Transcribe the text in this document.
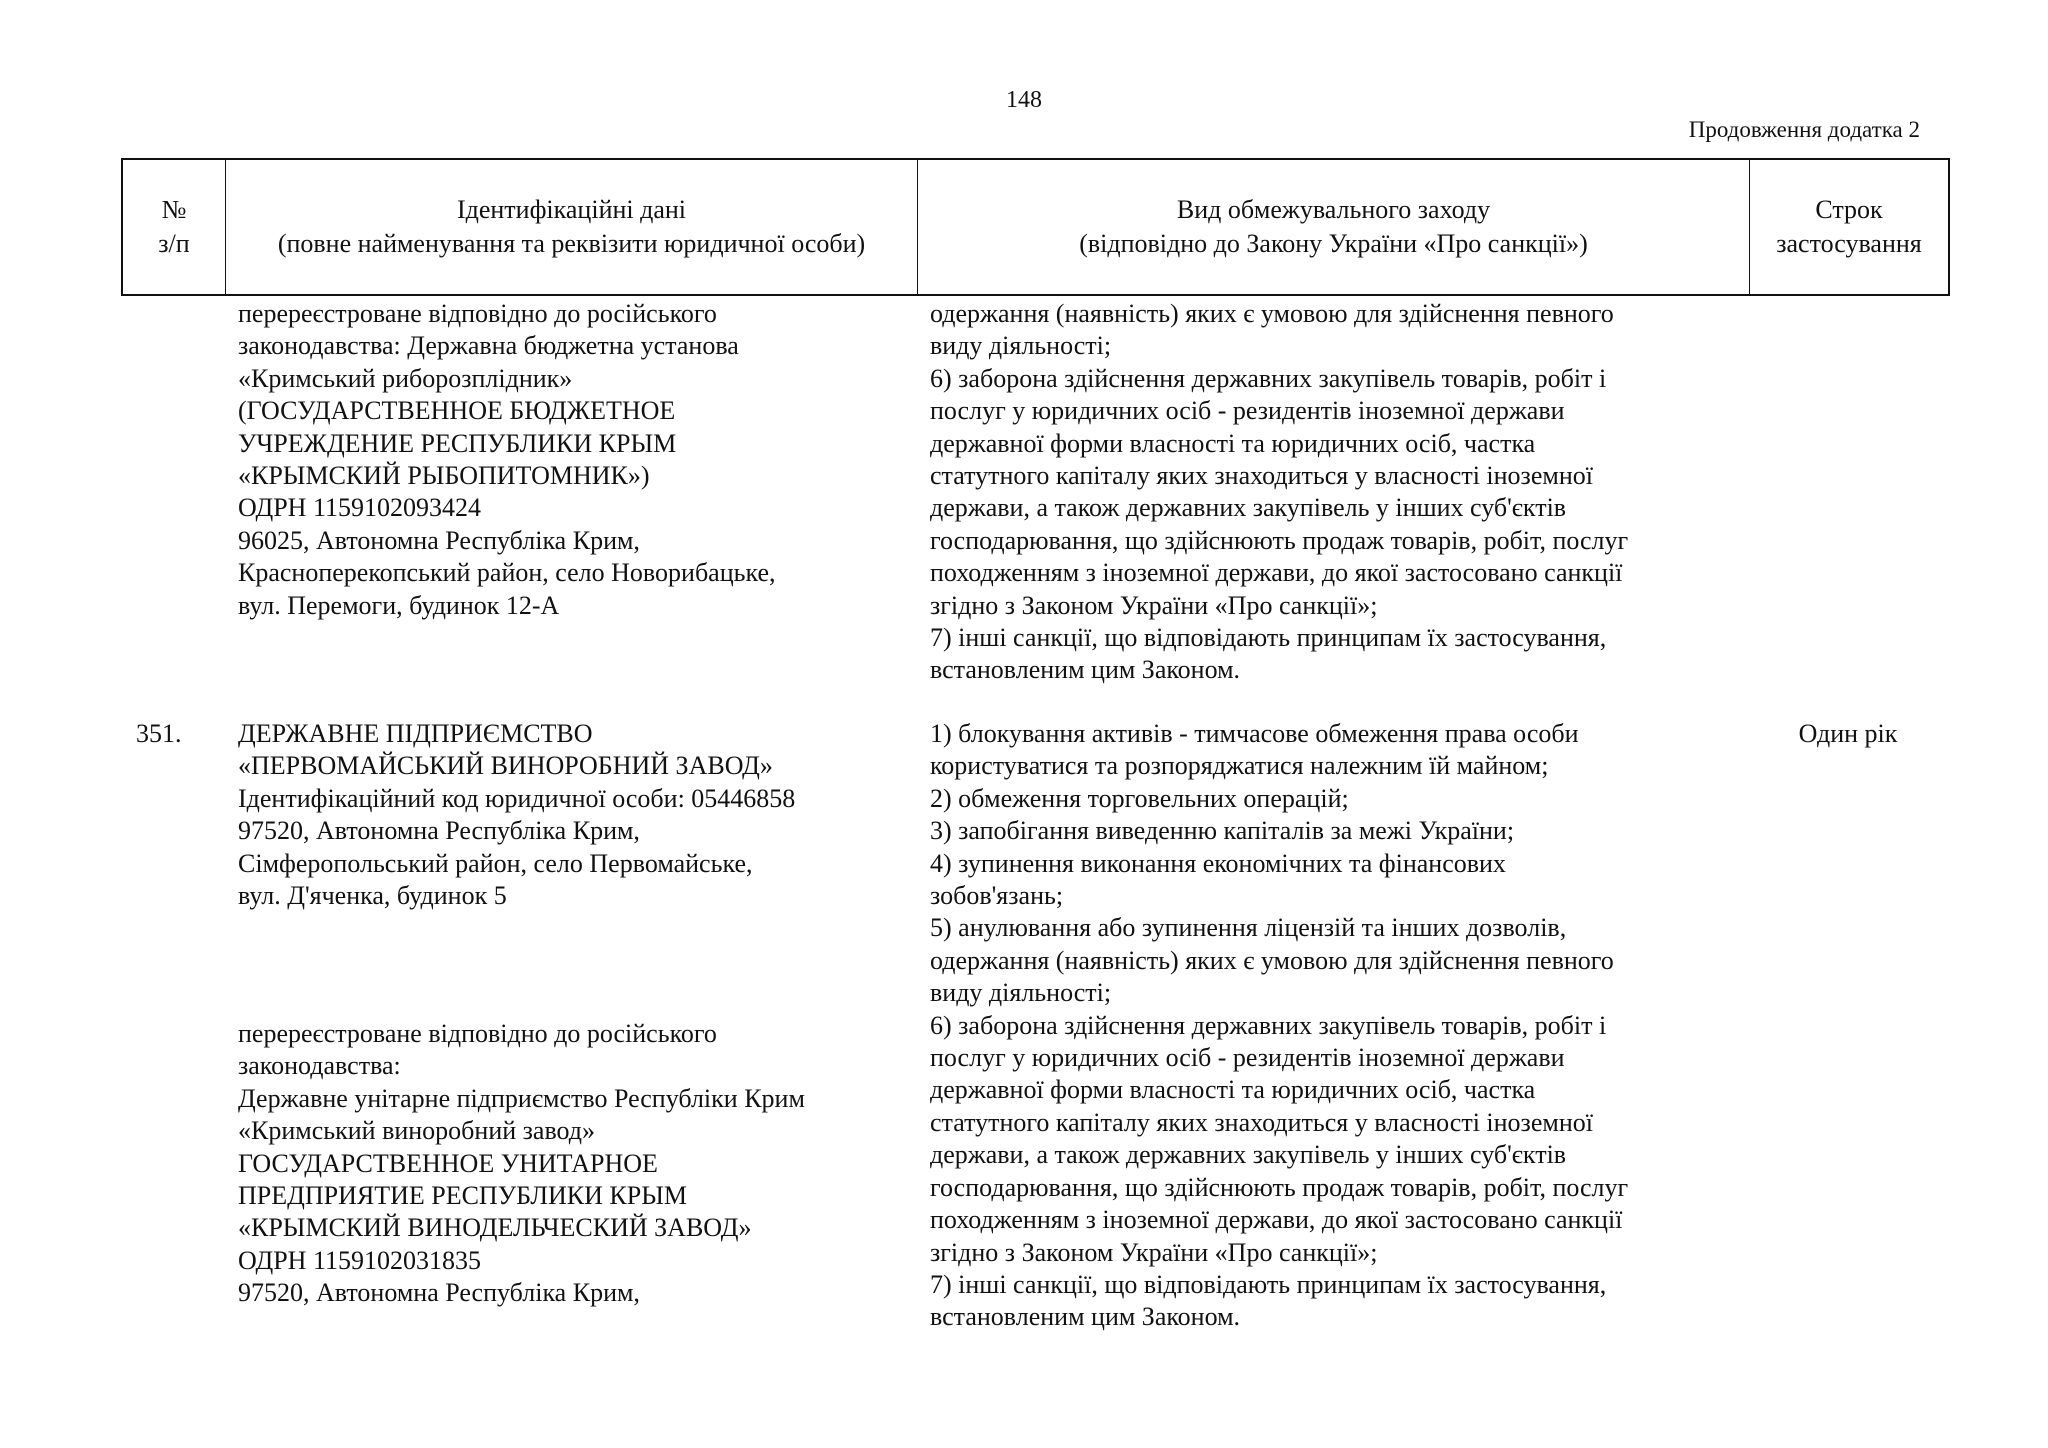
148
Продовження додатка 2
№
з/п
Ідентифікаційні дані
(повне найменування та реквізити юридичної особи)
Вид обмежувального заходу
(відповідно до Закону України «Про санкції»)
Строк
застосування
перереєстроване відповідно до російського
законодавства: Державна бюджетна установа
«Кримський риборозплідник»
(ГОСУДАРСТВЕННОЕ БЮДЖЕТНОЕ
УЧРЕЖДЕНИЕ РЕСПУБЛИКИ КРЫМ
«КРЫМСКИЙ РЫБОПИТОМНИК»)
ОДРН 1159102093424
96025, Автономна Республіка Крим,
Красноперекопський район, село Новорибацьке,
вул. Перемоги, будинок 12-А
одержання (наявність) яких є умовою для здійснення певного
виду діяльності;
6) заборона здійснення державних закупівель товарів, робіт і
послуг у юридичних осіб - резидентів іноземної держави
державної форми власності та юридичних осіб, частка
статутного капіталу яких знаходиться у власності іноземної
держави, а також державних закупівель у інших суб'єктів
господарювання, що здійснюють продаж товарів, робіт, послуг
походженням з іноземної держави, до якої застосовано санкції
згідно з Законом України «Про санкції»;
7) інші санкції, що відповідають принципам їх застосування,
встановленим цим Законом.
351. ДЕРЖАВНЕ ПІДПРИЄМСТВО
«ПЕРВОМАЙСЬКИЙ ВИНОРОБНИЙ ЗАВОД»
Ідентифікаційний код юридичної особи: 05446858
97520, Автономна Республіка Крим,
Сімферопольський район, село Первомайське,
вул. Д'яченка, будинок 5
перереєстроване відповідно до російського
законодавства:
Державне унітарне підприємство Республіки Крим
«Кримський виноробний завод»
ГОСУДАРСТВЕННОЕ УНИТАРНОЕ
ПРЕДПРИЯТИЕ РЕСПУБЛИКИ КРЫМ
«КРЫМСКИЙ ВИНОДЕЛЬЧЕСКИЙ ЗАВОД»
ОДРН 1159102031835
97520, Автономна Республіка Крим,
1) блокування активів - тимчасове обмеження права особи
користуватися та розпоряджатися належним їй майном;
2) обмеження торговельних операцій;
3) запобігання виведенню капіталів за межі України;
4) зупинення виконання економічних та фінансових
зобов'язань;
5) анулювання або зупинення ліцензій та інших дозволів,
одержання (наявність) яких є умовою для здійснення певного
виду діяльності;
6) заборона здійснення державних закупівель товарів, робіт і
послуг у юридичних осіб - резидентів іноземної держави
державної форми власності та юридичних осіб, частка
статутного капіталу яких знаходиться у власності іноземної
держави, а також державних закупівель у інших суб'єктів
господарювання, що здійснюють продаж товарів, робіт, послуг
походженням з іноземної держави, до якої застосовано санкції
згідно з Законом України «Про санкції»;
7) інші санкції, що відповідають принципам їх застосування,
встановленим цим Законом.
Один рік
